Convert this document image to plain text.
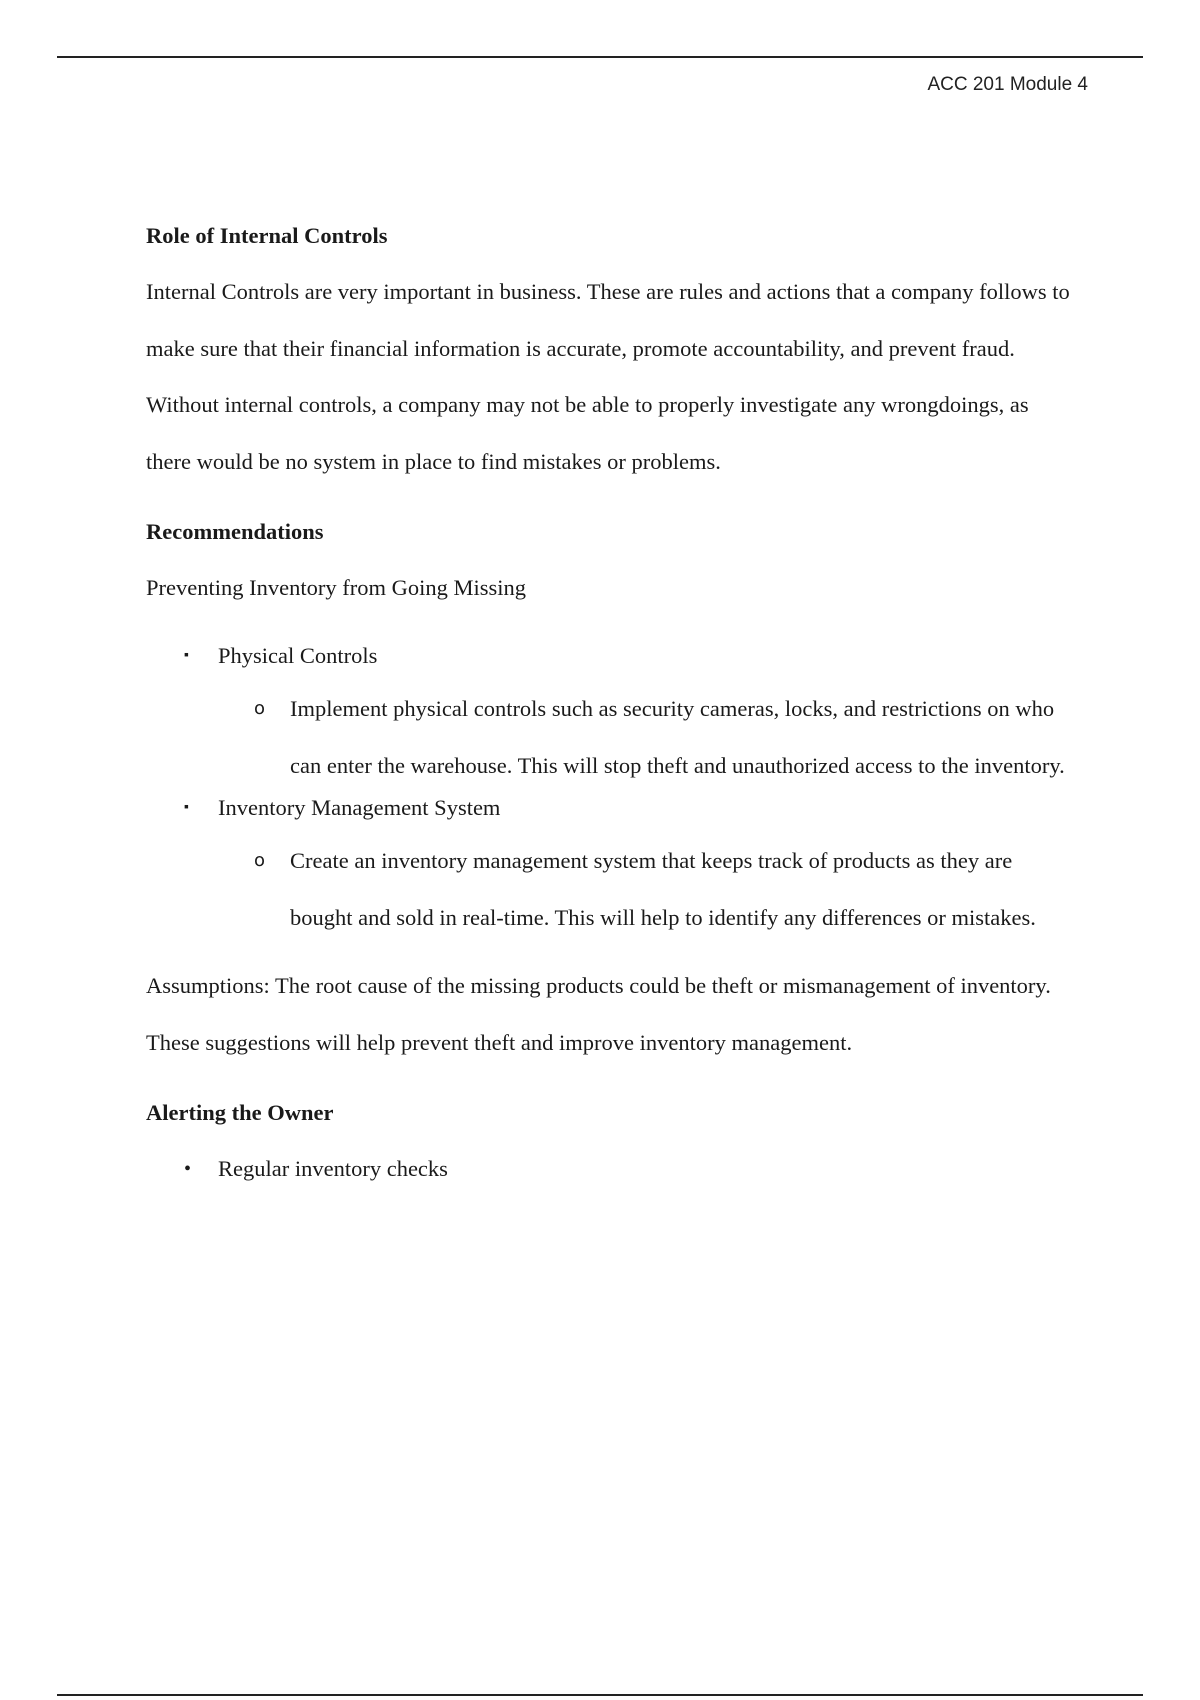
ACC 201 Module 4
Role of Internal Controls

Internal Controls are very important in business. These are rules and actions that a company follows to make sure that their financial information is accurate, promote accountability, and prevent fraud. Without internal controls, a company may not be able to properly investigate any wrongdoings, as there would be no system in place to find mistakes or problems.

Recommendations
Preventing Inventory from Going Missing
▪ Physical Controls
o Implement physical controls such as security cameras, locks, and restrictions on who can enter the warehouse. This will stop theft and unauthorized access to the inventory.
▪ Inventory Management System
o Create an inventory management system that keeps track of products as they are bought and sold in real-time. This will help to identify any differences or mistakes.

Assumptions: The root cause of the missing products could be theft or mismanagement of inventory. These suggestions will help prevent theft and improve inventory management.

Alerting the Owner
• Regular inventory checks
